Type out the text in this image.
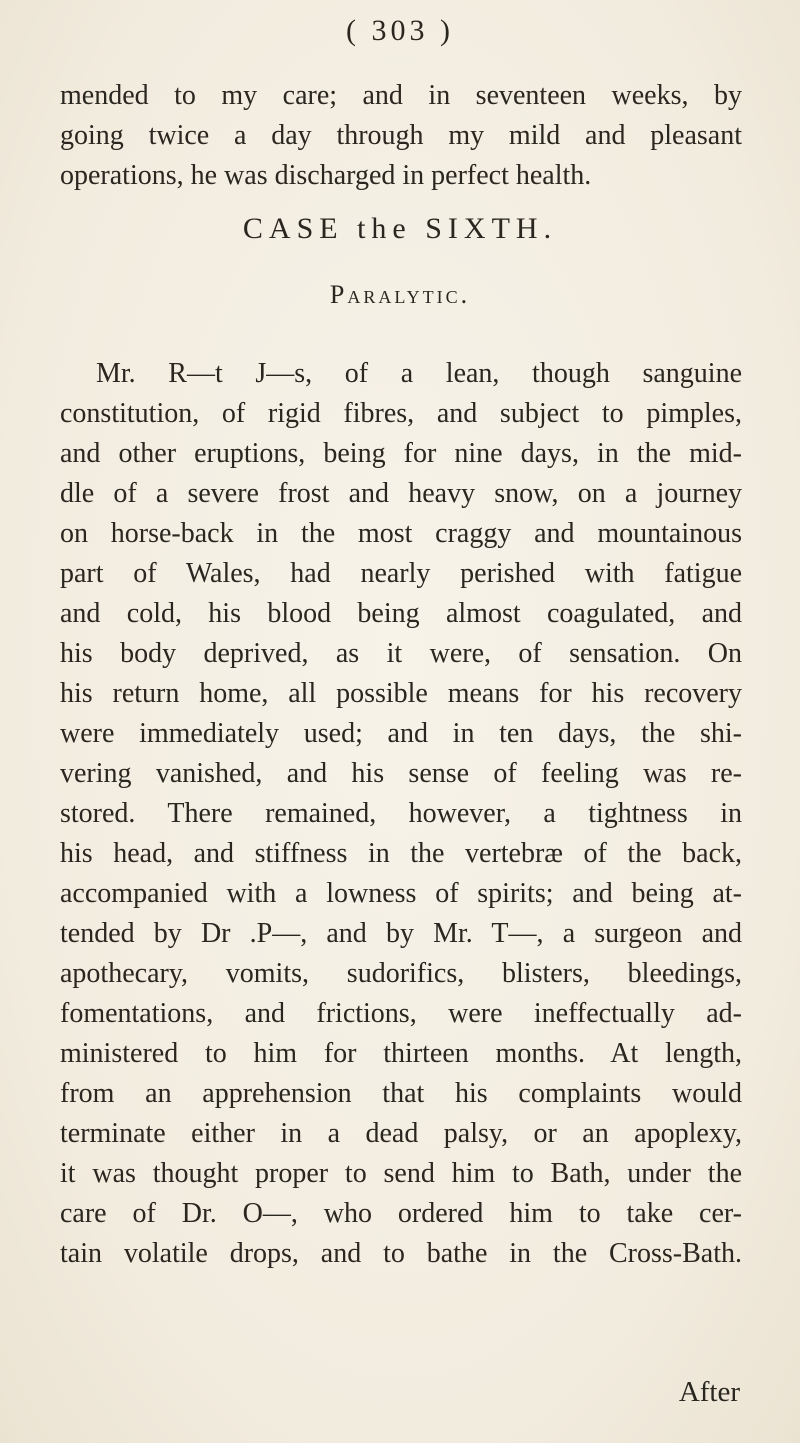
( 303 )
mended to my care; and in seventeen weeks, by
going twice a day through my mild and pleasant
operations, he was discharged in perfect health.
CASE the SIXTH.
Paralytic.
Mr. R—t J—s, of a lean, though sanguine
constitution, of rigid fibres, and subject to pimples,
and other eruptions, being for nine days, in the mid-
dle of a severe frost and heavy snow, on a journey
on horse-back in the most craggy and mountainous
part of Wales, had nearly perished with fatigue
and cold, his blood being almost coagulated, and
his body deprived, as it were, of sensation. On
his return home, all possible means for his recovery
were immediately used; and in ten days, the shi-
vering vanished, and his sense of feeling was re-
stored. There remained, however, a tightness in
his head, and stiffness in the vertebræ of the back,
accompanied with a lowness of spirits; and being at-
tended by Dr .P—, and by Mr. T—, a surgeon and
apothecary, vomits, sudorifics, blisters, bleedings,
fomentations, and frictions, were ineffectually ad-
ministered to him for thirteen months. At length,
from an apprehension that his complaints would
terminate either in a dead palsy, or an apoplexy,
it was thought proper to send him to Bath, under the
care of Dr. O—, who ordered him to take cer-
tain volatile drops, and to bathe in the Cross-Bath.
After
